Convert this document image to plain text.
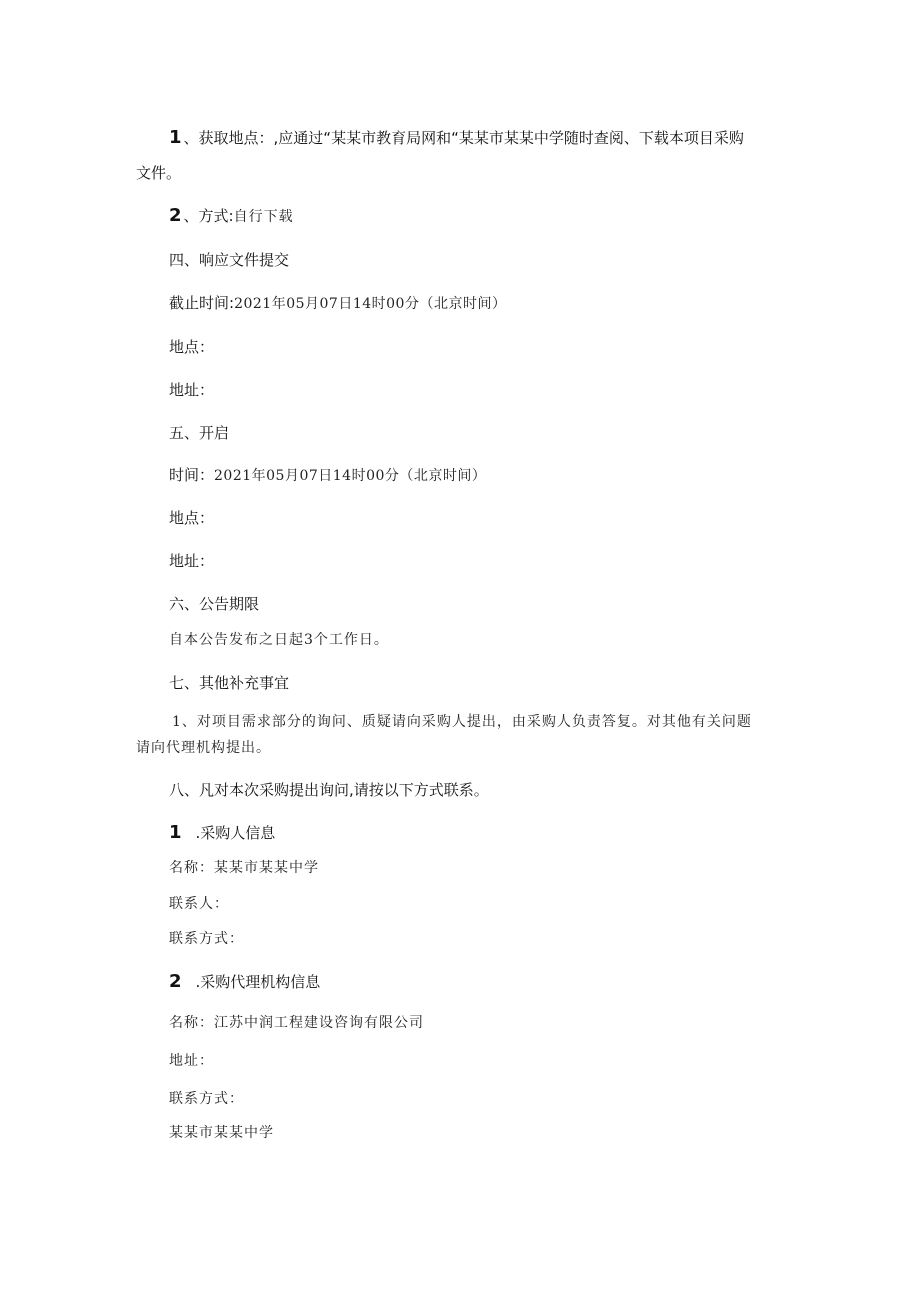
1 、获取地点：,应通过“某某市教育局网和“某某市某某中学随时查阅、下载本项目采购
文件。
2 、方式:自行下载
四、响应文件提交
截止时间:2021年05月07日14时00分（北京时间）
地点：
地址：
五、开启
时间：2021年05月07日14时00分（北京时间）
地点：
地址：
六、公告期限
自本公告发布之日起3个工作日。
七、其他补充事宜
1、对项目需求部分的询问、质疑请向采购人提出，由采购人负责答复。对其他有关问题
请向代理机构提出。
八、凡对本次采购提出询问,请按以下方式联系。
1 .采购人信息
名称：某某市某某中学
联系人：
联系方式：
2 .采购代理机构信息
名称：江苏中润工程建设咨询有限公司
地址：
联系方式：
某某市某某中学
